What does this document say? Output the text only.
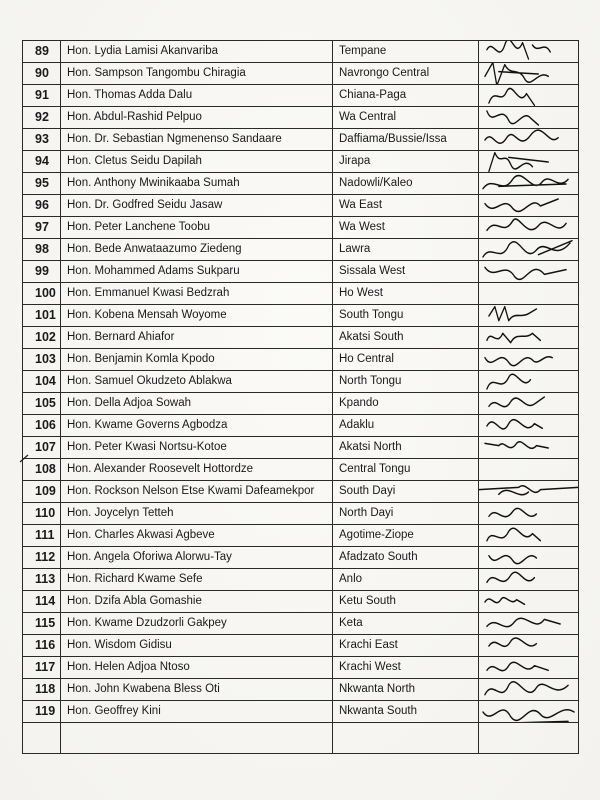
89	Hon. Lydia Lamisi Akanvariba	Tempane	

90	Hon. Sampson Tangombu Chiragia	Navrongo Central	

91	Hon. Thomas Adda Dalu	Chiana-Paga	

92	Hon. Abdul-Rashid Pelpuo	Wa Central	

93	Hon. Dr. Sebastian Ngmenenso Sandaare	Daffiama/Bussie/Issa	

94	Hon. Cletus Seidu Dapilah	Jirapa	

95	Hon. Anthony Mwinikaaba Sumah	Nadowli/Kaleo	

96	Hon. Dr. Godfred Seidu Jasaw	Wa East	

97	Hon. Peter Lanchene Toobu	Wa West	

98	Hon. Bede Anwataazumo Ziedeng	Lawra	

99	Hon. Mohammed Adams Sukparu	Sissala West	

100	Hon. Emmanuel Kwasi Bedzrah	Ho West	
101	Hon. Kobena Mensah Woyome	South Tongu	

102	Hon. Bernard Ahiafor	Akatsi South	

103	Hon. Benjamin Komla Kpodo	Ho Central	

104	Hon. Samuel Okudzeto Ablakwa	North Tongu	

105	Hon. Della Adjoa Sowah	Kpando	

106	Hon. Kwame Governs Agbodza	Adaklu	

107	Hon. Peter Kwasi Nortsu-Kotoe	Akatsi North	

108	Hon. Alexander Roosevelt Hottordze	Central Tongu	
109	Hon. Rockson Nelson Etse Kwami Dafeamekpor	South Dayi	

110	Hon. Joycelyn Tetteh	North Dayi	

111	Hon. Charles Akwasi Agbeve	Agotime-Ziope	

112	Hon. Angela Oforiwa Alorwu-Tay	Afadzato South	

113	Hon. Richard Kwame Sefe	Anlo	

114	Hon. Dzifa Abla Gomashie	Ketu South	

115	Hon. Kwame Dzudzorli Gakpey	Keta	

116	Hon. Wisdom Gidisu	Krachi East	

117	Hon. Helen Adjoa Ntoso	Krachi West	

118	Hon. John Kwabena Bless Oti	Nkwanta North	

119	Hon. Geoffrey Kini	Nkwanta South	
